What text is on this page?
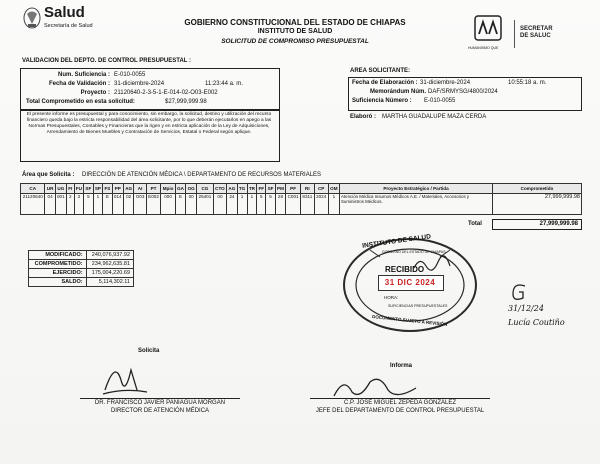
Salud
Secretaría de Salud	GOBIERNO CONSTITUCIONAL DEL ESTADO DE CHIAPAS
INSTITUTO DE SALUD
SOLICITUD DE COMPROMISO PRESUPUESTAL
HUMANISMO QUE
SECRETAR
DE SALUC
VALIDACION DEL DEPTO. DE CONTROL PRESUPUESTAL :
Num. Suficiencia : E-010-0055
Fecha de Validación : 31-diciembre-2024	11:23:44 a. m.
Proyecto : 21120640-2-3-5-1-E-014-02-O03-E002
Total Comprometido en esta solicitud:	$27,999,999.98
El presente informe es presupuestal y para conocimiento, sin embargo, la solicitud, destino y utilización del recurso financiero queda bajo la estricta responsabilidad del área solicitante, por lo que deberán ejecutarlos en apego a las Normas Presupuestales, Contables y Financieras que la rigen y en estricta aplicación de la Ley de Adquisiciones, Arrendamiento de Bienes Muebles y Contratación de Servicios, Estatal o Federal según aplique.
AREA SOLICITANTE:
Fecha de Elaboración : 31-diciembre-2024	10:55:18 a. m.
Memorándum Núm. DAF/SRMYSG/4800/2024
Suficiencia Número : E-010-0055
Elaboró : MARTHA GUADALUPE MAZA CERDA
Área que Solicita : DIRECCIÓN DE ATENCIÓN MÉDICA \ DEPARTAMENTO DE RECURSOS MATERIALES
CA	UR	UG	FI	FU	SF	SP	FS	PP	AG	AI	PT	Mpio	GA	OG	CG	CTO	AG	TG	TR	FF	SF	PM	PF	RI	CP	OM	Proyecto Estratégico / Partida	Comprometido
21120640	04	001	2	3	5	1	E	014	02	O03	E002	000	E	00	25401	00	24	1	1	5	5	28	C001	8311	2024	1	Atención Médica Insumos Médicos A.E. / Materiales, Accesorios y Suministros Médicos.	27,999,999.98
Total	27,999,999.98
MODIFICADO:	240,076,937.92
COMPROMETIDO:	234,962,635.81
EJERCIDO:	175,004,220.69
SALDO:	5,114,302.11
INSTITUTO DE SALUD
GOBIERNO DEL ESTADO DE CHIAPAS
RECIBIDO
31 DIC 2024
HORA:
SUFICIENCIAS PRESUPUESTALES
DOCUMENTO SUJETO A REVISIÓN
31/12/24
Lucía Coutiño
Solicita
DR. FRANCISCO JAVIER PANIAGUA MORGAN
DIRECTOR DE ATENCIÓN MÉDICA
Informa
C.P. JOSÉ MIGUEL ZEPEDA GONZÁLEZ
JEFE DEL DEPARTAMENTO DE CONTROL PRESUPUESTAL
